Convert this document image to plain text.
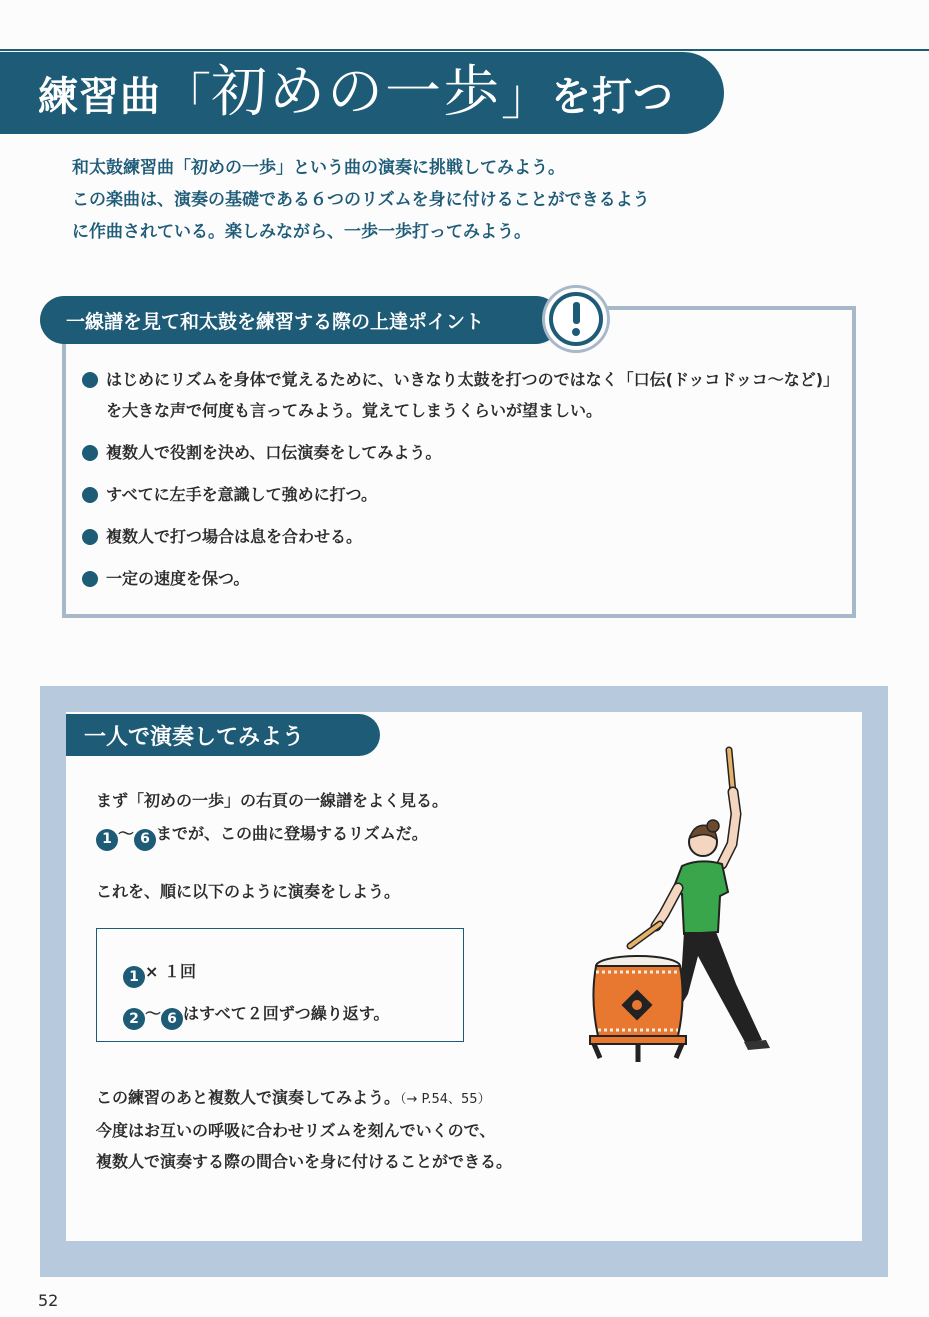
練習曲 「 初めの一歩 」 を打つ

和太鼓練習曲「初めの一歩」という曲の演奏に挑戦してみよう。

この楽曲は、演奏の基礎である６つのリズムを身に付けることができるよう

に作曲されている。楽しみながら、一歩一歩打ってみよう。

一線譜を見て和太鼓を練習する際の上達ポイント
はじめにリズムを身体で覚えるために、いきなり太鼓を打つのではなく「口伝(ドッコドッコ〜など)」を大きな声で何度も言ってみよう。覚えてしまうくらいが望ましい。
複数人で役割を決め、口伝演奏をしてみよう。
すべてに左手を意識して強めに打つ。
複数人で打つ場合は息を合わせる。
一定の速度を保つ。
一人で演奏してみよう
まず「初めの一歩」の右頁の一線譜をよく見る。
1 〜 6 までが、この曲に登場するリズムだ。
これを、順に以下のように演奏をしよう。
1 × １回
2 〜 6 はすべて２回ずつ繰り返す。
この練習のあと複数人で演奏してみよう。（→ P.54、55）
今度はお互いの呼吸に合わせリズムを刻んでいくので、
複数人で演奏する際の間合いを身に付けることができる。
52
